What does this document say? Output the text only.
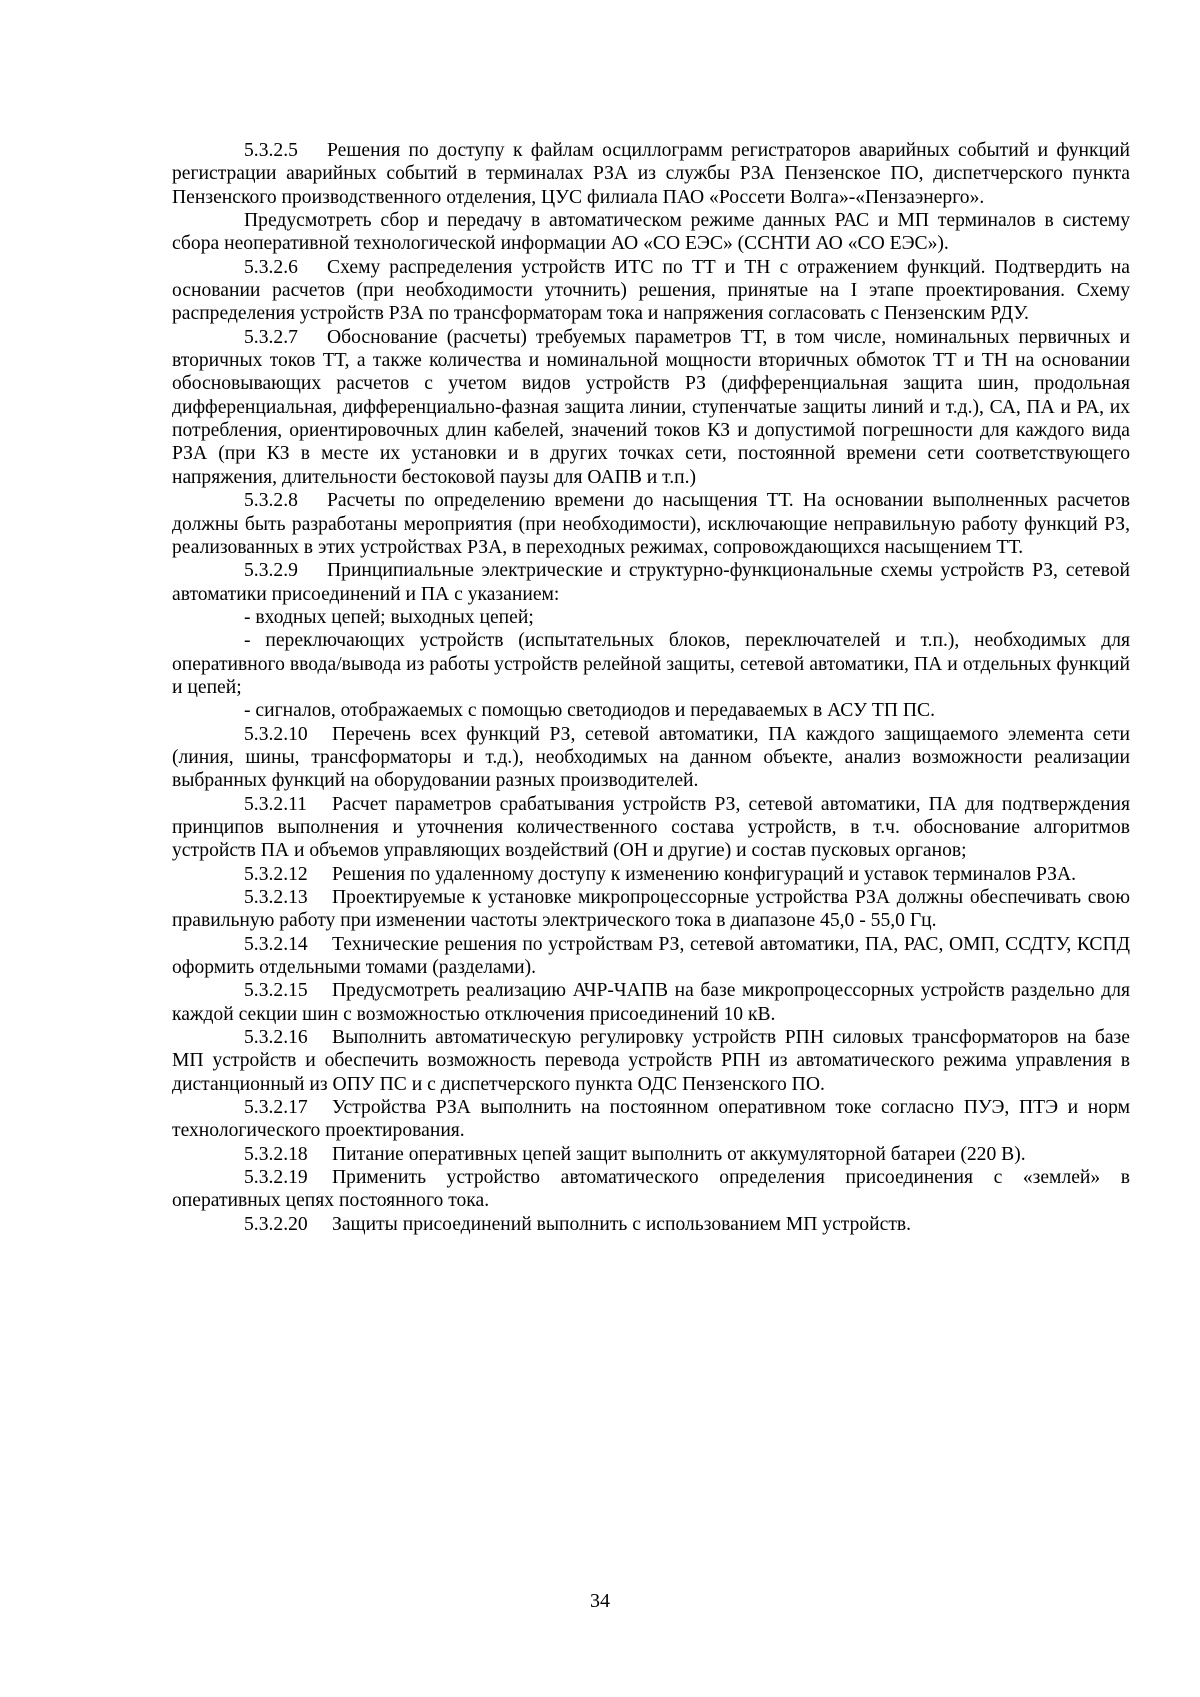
5.3.2.5 Решения по доступу к файлам осциллограмм регистраторов аварийных событий и функций регистрации аварийных событий в терминалах РЗА из службы РЗА Пензенское ПО, диспетчерского пункта Пензенского производственного отделения, ЦУС филиала ПАО «Россети Волга»-«Пензаэнерго».

Предусмотреть сбор и передачу в автоматическом режиме данных РАС и МП терминалов в систему сбора неоперативной технологической информации АО «СО ЕЭС» (ССНТИ АО «СО ЕЭС»).

5.3.2.6 Схему распределения устройств ИТС по ТТ и ТН с отражением функций. Подтвердить на основании расчетов (при необходимости уточнить) решения, принятые на I этапе проектирования. Схему распределения устройств РЗА по трансформаторам тока и напряжения согласовать с Пензенским РДУ.

5.3.2.7 Обоснование (расчеты) требуемых параметров ТТ, в том числе, номинальных первичных и вторичных токов ТТ, а также количества и номинальной мощности вторичных обмоток ТТ и ТН на основании обосновывающих расчетов с учетом видов устройств РЗ (дифференциальная защита шин, продольная дифференциальная, дифференциально-фазная защита линии, ступенчатые защиты линий и т.д.), СА, ПА и РА, их потребления, ориентировочных длин кабелей, значений токов КЗ и допустимой погрешности для каждого вида РЗА (при КЗ в месте их установки и в других точках сети, постоянной времени сети соответствующего напряжения, длительности бестоковой паузы для ОАПВ и т.п.)

5.3.2.8 Расчеты по определению времени до насыщения ТТ. На основании выполненных расчетов должны быть разработаны мероприятия (при необходимости), исключающие неправильную работу функций РЗ, реализованных в этих устройствах РЗА, в переходных режимах, сопровождающихся насыщением ТТ.

5.3.2.9 Принципиальные электрические и структурно-функциональные схемы устройств РЗ, сетевой автоматики присоединений и ПА с указанием:

- входных цепей; выходных цепей;

- переключающих устройств (испытательных блоков, переключателей и т.п.), необходимых для оперативного ввода/вывода из работы устройств релейной защиты, сетевой автоматики, ПА и отдельных функций и цепей;

- сигналов, отображаемых с помощью светодиодов и передаваемых в АСУ ТП ПС.

5.3.2.10 Перечень всех функций РЗ, сетевой автоматики, ПА каждого защищаемого элемента сети (линия, шины, трансформаторы и т.д.), необходимых на данном объекте, анализ возможности реализации выбранных функций на оборудовании разных производителей.

5.3.2.11 Расчет параметров срабатывания устройств РЗ, сетевой автоматики, ПА для подтверждения принципов выполнения и уточнения количественного состава устройств, в т.ч. обоснование алгоритмов устройств ПА и объемов управляющих воздействий (ОН и другие) и состав пусковых органов;

5.3.2.12 Решения по удаленному доступу к изменению конфигураций и уставок терминалов РЗА.

5.3.2.13 Проектируемые к установке микропроцессорные устройства РЗА должны обеспечивать свою правильную работу при изменении частоты электрического тока в диапазоне 45,0 - 55,0 Гц.

5.3.2.14 Технические решения по устройствам РЗ, сетевой автоматики, ПА, РАС, ОМП, ССДТУ, КСПД оформить отдельными томами (разделами).

5.3.2.15 Предусмотреть реализацию АЧР-ЧАПВ на базе микропроцессорных устройств раздельно для каждой секции шин с возможностью отключения присоединений 10 кВ.

5.3.2.16 Выполнить автоматическую регулировку устройств РПН силовых трансформаторов на базе МП устройств и обеспечить возможность перевода устройств РПН из автоматического режима управления в дистанционный из ОПУ ПС и с диспетчерского пункта ОДС Пензенского ПО.

5.3.2.17 Устройства РЗА выполнить на постоянном оперативном токе согласно ПУЭ, ПТЭ и норм технологического проектирования.

5.3.2.18 Питание оперативных цепей защит выполнить от аккумуляторной батареи (220 В).

5.3.2.19 Применить устройство автоматического определения присоединения с «землей» в оперативных цепях постоянного тока.

5.3.2.20 Защиты присоединений выполнить с использованием МП устройств.

34
